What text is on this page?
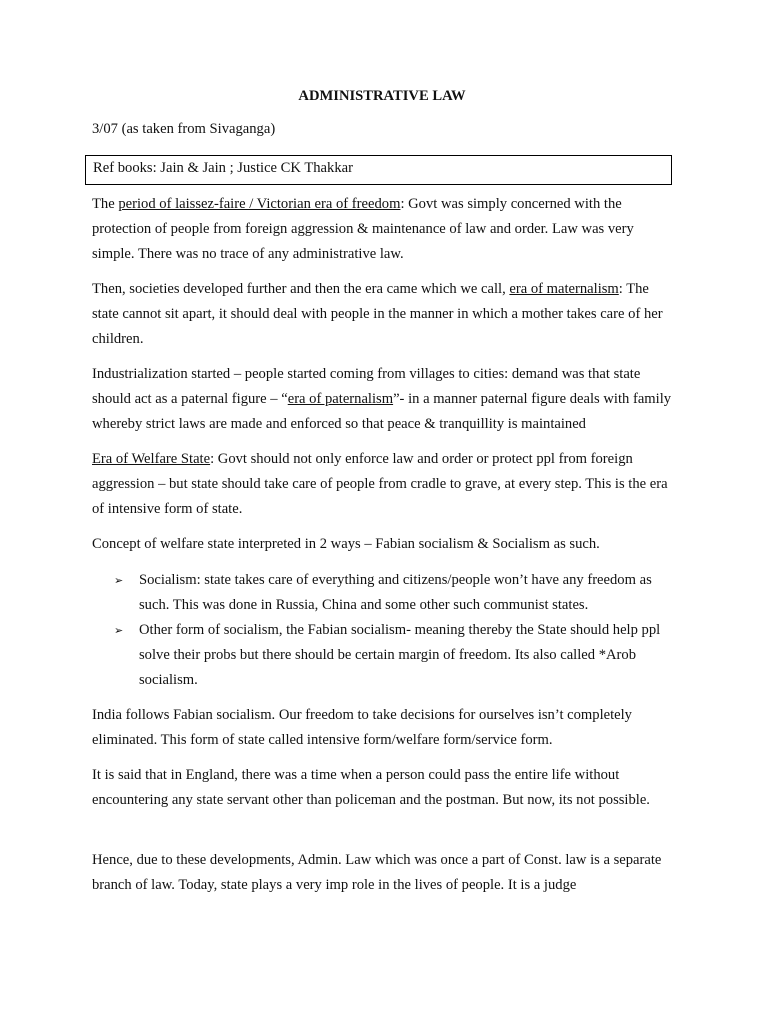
ADMINISTRATIVE LAW

3/07 (as taken from Sivaganga)

Ref books: Jain & Jain ; Justice CK Thakkar

The period of laissez-faire / Victorian era of freedom: Govt was simply concerned with the protection of people from foreign aggression & maintenance of law and order. Law was very simple. There was no trace of any administrative law.

Then, societies developed further and then the era came which we call, era of maternalism: The state cannot sit apart, it should deal with people in the manner in which a mother takes care of her children.

Industrialization started – people started coming from villages to cities: demand was that state should act as a paternal figure – “era of paternalism”- in a manner paternal figure deals with family whereby strict laws are made and enforced so that peace & tranquillity is maintained

Era of Welfare State: Govt should not only enforce law and order or protect ppl from foreign aggression – but state should take care of people from cradle to grave, at every step. This is the era of intensive form of state.

Concept of welfare state interpreted in 2 ways – Fabian socialism & Socialism as such.

➢ Socialism: state takes care of everything and citizens/people won’t have any freedom as such. This was done in Russia, China and some other such communist states.
➢ Other form of socialism, the Fabian socialism- meaning thereby the State should help ppl solve their probs but there should be certain margin of freedom. Its also called *Arob socialism.

India follows Fabian socialism. Our freedom to take decisions for ourselves isn’t completely eliminated. This form of state called intensive form/welfare form/service form.

It is said that in England, there was a time when a person could pass the entire life without encountering any state servant other than policeman and the postman. But now, its not possible.

Hence, due to these developments, Admin. Law which was once a part of Const. law is a separate branch of law. Today, state plays a very imp role in the lives of people. It is a judge
